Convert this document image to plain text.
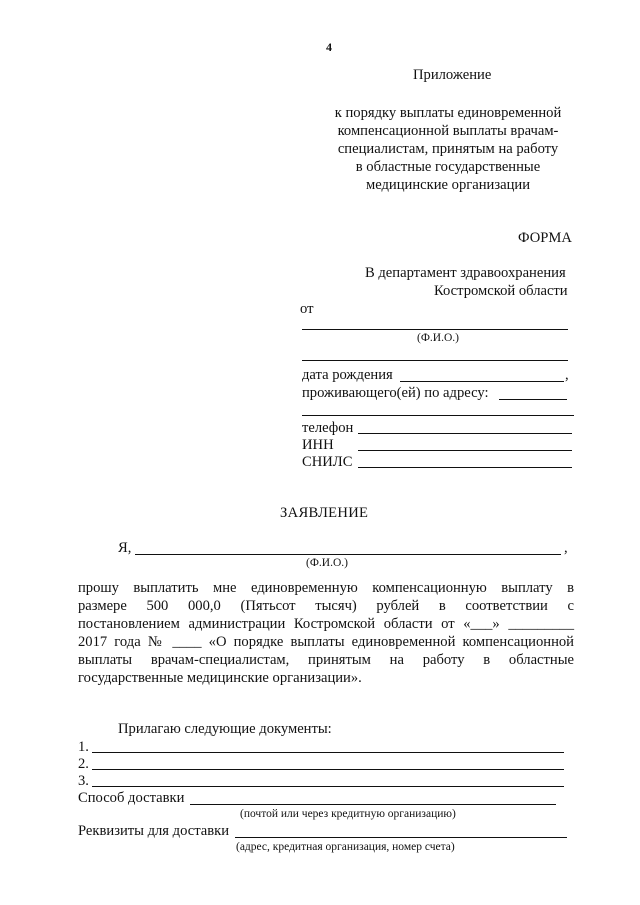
4
Приложение
к порядку выплаты единовременной
компенсационной выплаты врачам-
специалистам, принятым на работу
в областные государственные
медицинские организации
ФОРМА
В департамент здравоохранения
Костромской области
от
(Ф.И.О.)
дата рождения	,
проживающего(ей) по адресу:
телефон
ИНН
СНИЛС
ЗАЯВЛЕНИЕ
Я,	,
(Ф.И.О.)
прошу выплатить мне единовременную компенсационную выплату в
размере 500 000,0 (Пятьсот тысяч) рублей в соответствии с
постановлением администрации Костромской области от «___» _________
2017 года № ____ «О порядке выплаты единовременной компенсационной
выплаты врачам-специалистам, принятым на работу в областные
государственные медицинские организации».
Прилагаю следующие документы:
1.
2.
3.
Способ доставки
(почтой или через кредитную организацию)
Реквизиты для доставки
(адрес, кредитная организация, номер счета)
